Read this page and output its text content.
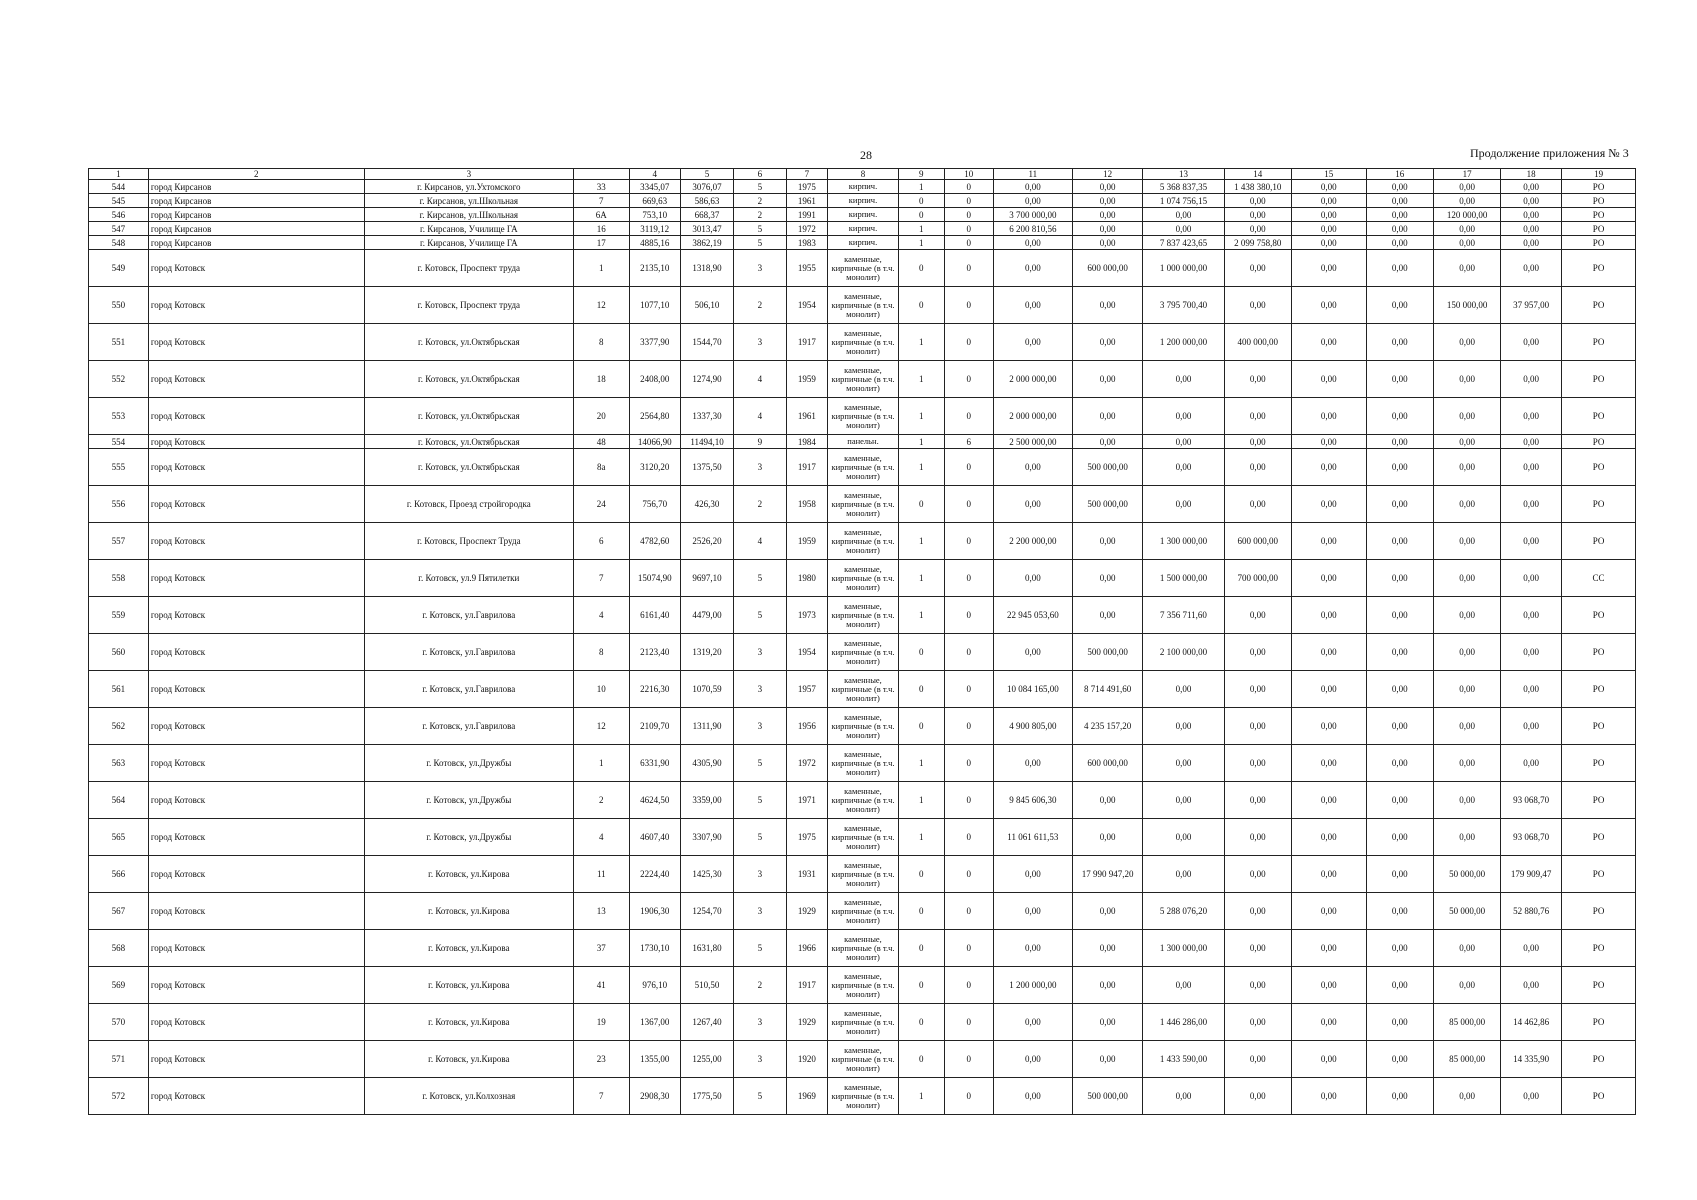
28	Продолжение приложения № 3
1	2	3		4	5	6	7	8	9	10	11	12	13	14	15	16	17	18	19
544	город Кирсанов	г. Кирсанов, ул.Ухтомского	33	3345,07	3076,07	5	1975	кирпич.	1	0	0,00	0,00	5 368 837,35	1 438 380,10	0,00	0,00	0,00	0,00	РО
545	город Кирсанов	г. Кирсанов, ул.Школьная	7	669,63	586,63	2	1961	кирпич.	0	0	0,00	0,00	1 074 756,15	0,00	0,00	0,00	0,00	0,00	РО
546	город Кирсанов	г. Кирсанов, ул.Школьная	6А	753,10	668,37	2	1991	кирпич.	0	0	3 700 000,00	0,00	0,00	0,00	0,00	0,00	120 000,00	0,00	РО
547	город Кирсанов	г. Кирсанов, Училище ГА	16	3119,12	3013,47	5	1972	кирпич.	1	0	6 200 810,56	0,00	0,00	0,00	0,00	0,00	0,00	0,00	РО
548	город Кирсанов	г. Кирсанов, Училище ГА	17	4885,16	3862,19	5	1983	кирпич.	1	0	0,00	0,00	7 837 423,65	2 099 758,80	0,00	0,00	0,00	0,00	РО
549	город Котовск	г. Котовск, Проспект труда	1	2135,10	1318,90	3	1955	каменные, кирпичные (в т.ч. монолит)	0	0	0,00	600 000,00	1 000 000,00	0,00	0,00	0,00	0,00	0,00	РО
550	город Котовск	г. Котовск, Проспект труда	12	1077,10	506,10	2	1954	каменные, кирпичные (в т.ч. монолит)	0	0	0,00	0,00	3 795 700,40	0,00	0,00	0,00	150 000,00	37 957,00	РО
551	город Котовск	г. Котовск, ул.Октябрьская	8	3377,90	1544,70	3	1917	каменные, кирпичные (в т.ч. монолит)	1	0	0,00	0,00	1 200 000,00	400 000,00	0,00	0,00	0,00	0,00	РО
552	город Котовск	г. Котовск, ул.Октябрьская	18	2408,00	1274,90	4	1959	каменные, кирпичные (в т.ч. монолит)	1	0	2 000 000,00	0,00	0,00	0,00	0,00	0,00	0,00	0,00	РО
553	город Котовск	г. Котовск, ул.Октябрьская	20	2564,80	1337,30	4	1961	каменные, кирпичные (в т.ч. монолит)	1	0	2 000 000,00	0,00	0,00	0,00	0,00	0,00	0,00	0,00	РО
554	город Котовск	г. Котовск, ул.Октябрьская	48	14066,90	11494,10	9	1984	панельн.	1	6	2 500 000,00	0,00	0,00	0,00	0,00	0,00	0,00	0,00	РО
555	город Котовск	г. Котовск, ул.Октябрьская	8а	3120,20	1375,50	3	1917	каменные, кирпичные (в т.ч. монолит)	1	0	0,00	500 000,00	0,00	0,00	0,00	0,00	0,00	0,00	РО
556	город Котовск	г. Котовск, Проезд стройгородка	24	756,70	426,30	2	1958	каменные, кирпичные (в т.ч. монолит)	0	0	0,00	500 000,00	0,00	0,00	0,00	0,00	0,00	0,00	РО
557	город Котовск	г. Котовск, Проспект Труда	6	4782,60	2526,20	4	1959	каменные, кирпичные (в т.ч. монолит)	1	0	2 200 000,00	0,00	1 300 000,00	600 000,00	0,00	0,00	0,00	0,00	РО
558	город Котовск	г. Котовск, ул.9 Пятилетки	7	15074,90	9697,10	5	1980	каменные, кирпичные (в т.ч. монолит)	1	0	0,00	0,00	1 500 000,00	700 000,00	0,00	0,00	0,00	0,00	СС
559	город Котовск	г. Котовск, ул.Гаврилова	4	6161,40	4479,00	5	1973	каменные, кирпичные (в т.ч. монолит)	1	0	22 945 053,60	0,00	7 356 711,60	0,00	0,00	0,00	0,00	0,00	РО
560	город Котовск	г. Котовск, ул.Гаврилова	8	2123,40	1319,20	3	1954	каменные, кирпичные (в т.ч. монолит)	0	0	0,00	500 000,00	2 100 000,00	0,00	0,00	0,00	0,00	0,00	РО
561	город Котовск	г. Котовск, ул.Гаврилова	10	2216,30	1070,59	3	1957	каменные, кирпичные (в т.ч. монолит)	0	0	10 084 165,00	8 714 491,60	0,00	0,00	0,00	0,00	0,00	0,00	РО
562	город Котовск	г. Котовск, ул.Гаврилова	12	2109,70	1311,90	3	1956	каменные, кирпичные (в т.ч. монолит)	0	0	4 900 805,00	4 235 157,20	0,00	0,00	0,00	0,00	0,00	0,00	РО
563	город Котовск	г. Котовск, ул.Дружбы	1	6331,90	4305,90	5	1972	каменные, кирпичные (в т.ч. монолит)	1	0	0,00	600 000,00	0,00	0,00	0,00	0,00	0,00	0,00	РО
564	город Котовск	г. Котовск, ул.Дружбы	2	4624,50	3359,00	5	1971	каменные, кирпичные (в т.ч. монолит)	1	0	9 845 606,30	0,00	0,00	0,00	0,00	0,00	0,00	93 068,70	РО
565	город Котовск	г. Котовск, ул.Дружбы	4	4607,40	3307,90	5	1975	каменные, кирпичные (в т.ч. монолит)	1	0	11 061 611,53	0,00	0,00	0,00	0,00	0,00	0,00	93 068,70	РО
566	город Котовск	г. Котовск, ул.Кирова	11	2224,40	1425,30	3	1931	каменные, кирпичные (в т.ч. монолит)	0	0	0,00	17 990 947,20	0,00	0,00	0,00	0,00	50 000,00	179 909,47	РО
567	город Котовск	г. Котовск, ул.Кирова	13	1906,30	1254,70	3	1929	каменные, кирпичные (в т.ч. монолит)	0	0	0,00	0,00	5 288 076,20	0,00	0,00	0,00	50 000,00	52 880,76	РО
568	город Котовск	г. Котовск, ул.Кирова	37	1730,10	1631,80	5	1966	каменные, кирпичные (в т.ч. монолит)	0	0	0,00	0,00	1 300 000,00	0,00	0,00	0,00	0,00	0,00	РО
569	город Котовск	г. Котовск, ул.Кирова	41	976,10	510,50	2	1917	каменные, кирпичные (в т.ч. монолит)	0	0	1 200 000,00	0,00	0,00	0,00	0,00	0,00	0,00	0,00	РО
570	город Котовск	г. Котовск, ул.Кирова	19	1367,00	1267,40	3	1929	каменные, кирпичные (в т.ч. монолит)	0	0	0,00	0,00	1 446 286,00	0,00	0,00	0,00	85 000,00	14 462,86	РО
571	город Котовск	г. Котовск, ул.Кирова	23	1355,00	1255,00	3	1920	каменные, кирпичные (в т.ч. монолит)	0	0	0,00	0,00	1 433 590,00	0,00	0,00	0,00	85 000,00	14 335,90	РО
572	город Котовск	г. Котовск, ул.Колхозная	7	2908,30	1775,50	5	1969	каменные, кирпичные (в т.ч. монолит)	1	0	0,00	500 000,00	0,00	0,00	0,00	0,00	0,00	0,00	РО
